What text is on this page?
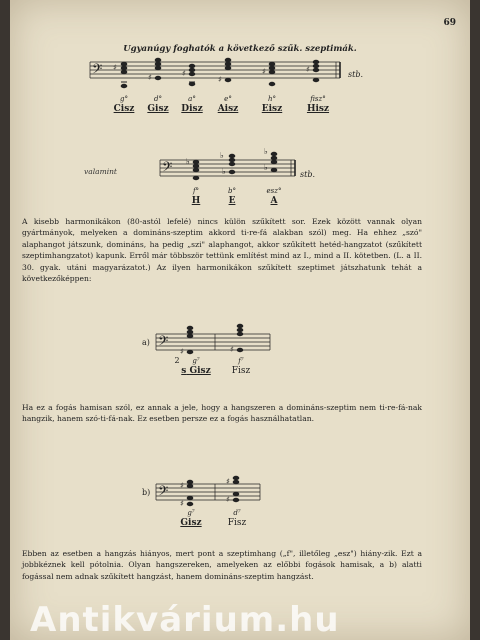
69
Ugyanúgy foghatók a következő szűk. szeptimák.
𝄢 ♯
♯	♯
♯
♯	♯
stb.
g°
Cisz
d°
Gisz
a°
Disz
e°
Aisz
h°
Eisz
fisz°
Hisz
valamint	𝄢 ♭
♭
♭
♭
♭
stb.
f°
H
b°
E
esz°
A
A kisebb harmonikákon (80-astól lefelé) nincs külön szűkített sor. Ezek között vannak olyan gyártmányok, melyeken a domináns-szeptim akkord ti-re-fá alakban szól) meg. Ha ehhez „szó" alaphangot játszunk, domináns, ha pedig „szi" alaphangot, akkor szűkített hetéd-hangzatot (szűkített szeptimhangzatot) kapunk. Erről már többször tettünk említést mind az I., mind a II. kötetben. (L. a II. 30. gyak. utáni magyarázatot.) Az ilyen harmonikákon szűkített szeptimet játszhatunk tehát a következőképpen:
a) 𝄢 ♯	♯
2	g⁷
s Gisz
f⁷
Fisz
Ha ez a fogás hamisan szól, ez annak a jele, hogy a hangszeren a domináns-szeptim nem ti-re-fá-nak hangzik, hanem szó-ti-fá-nak. Ez esetben persze ez a fogás használhatatlan.
b) 𝄢 ♯
♯
♯
♯
g⁷
Gisz
d⁷
Fisz
Ebben az esetben a hangzás hiányos, mert pont a szeptimhang („f", illetőleg „esz") hiány-zik. Ezt a jobbkéznek kell pótolnia. Olyan hangszereken, amelyeken az előbbi fogások hamisak, a b) alatti fogással nem adnak szűkített hangzást, hanem domináns-szeptim hangzást.
Antikvárium.hu
